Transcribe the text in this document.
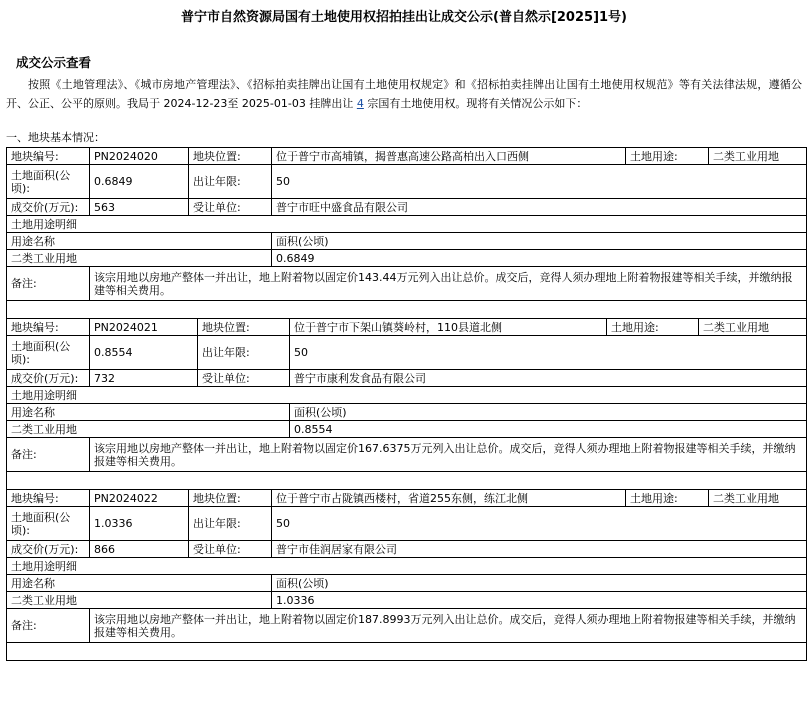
普宁市自然资源局国有土地使用权招拍挂出让成交公示(普自然示[2025]1号)
成交公示查看
按照《土地管理法》、《城市房地产管理法》、《招标拍卖挂牌出让国有土地使用权规定》和《招标拍卖挂牌出让国有土地使用权规范》等有关法律法规，遵循公开、公正、公平的原则。我局于 2024-12-23至 2025-01-03 挂牌出让 4 宗国有土地使用权。现将有关情况公示如下：
一、地块基本情况：
地块编号:	PN2024020	地块位置:	位于普宁市高埔镇，揭普惠高速公路高柏出入口西侧	土地用途:	二类工业用地
土地面积(公顷):	0.6849	出让年限:	50		
成交价(万元):	563	受让单位:	普宁市旺中盛食品有限公司		
土地用途明细					
用途名称			面积(公顷)		
二类工业用地			0.6849		
备注:	该宗用地以房地产整体一并出让，地上附着物以固定价143.44万元列入出让总价。成交后，竞得人须办理地上附着物报建等相关手续，并缴纳报建等相关费用。				

地块编号:	PN2024021	地块位置:	位于普宁市下架山镇葵岭村，110县道北侧	土地用途:	二类工业用地
土地面积(公顷):	0.8554	出让年限:	50		
成交价(万元):	732	受让单位:	普宁市康利发食品有限公司		
土地用途明细					
用途名称			面积(公顷)		
二类工业用地			0.8554		
备注:	该宗用地以房地产整体一并出让，地上附着物以固定价167.6375万元列入出让总价。成交后，竞得人须办理地上附着物报建等相关手续，并缴纳报建等相关费用。				

地块编号:	PN2024022	地块位置:	位于普宁市占陇镇西楼村，省道255东侧，练江北侧	土地用途:	二类工业用地
土地面积(公顷):	1.0336	出让年限:	50		
成交价(万元):	866	受让单位:	普宁市佳润居家有限公司		
土地用途明细					
用途名称			面积(公顷)		
二类工业用地			1.0336		
备注:	该宗用地以房地产整体一并出让，地上附着物以固定价187.8993万元列入出让总价。成交后，竞得人须办理地上附着物报建等相关手续，并缴纳报建等相关费用。				
